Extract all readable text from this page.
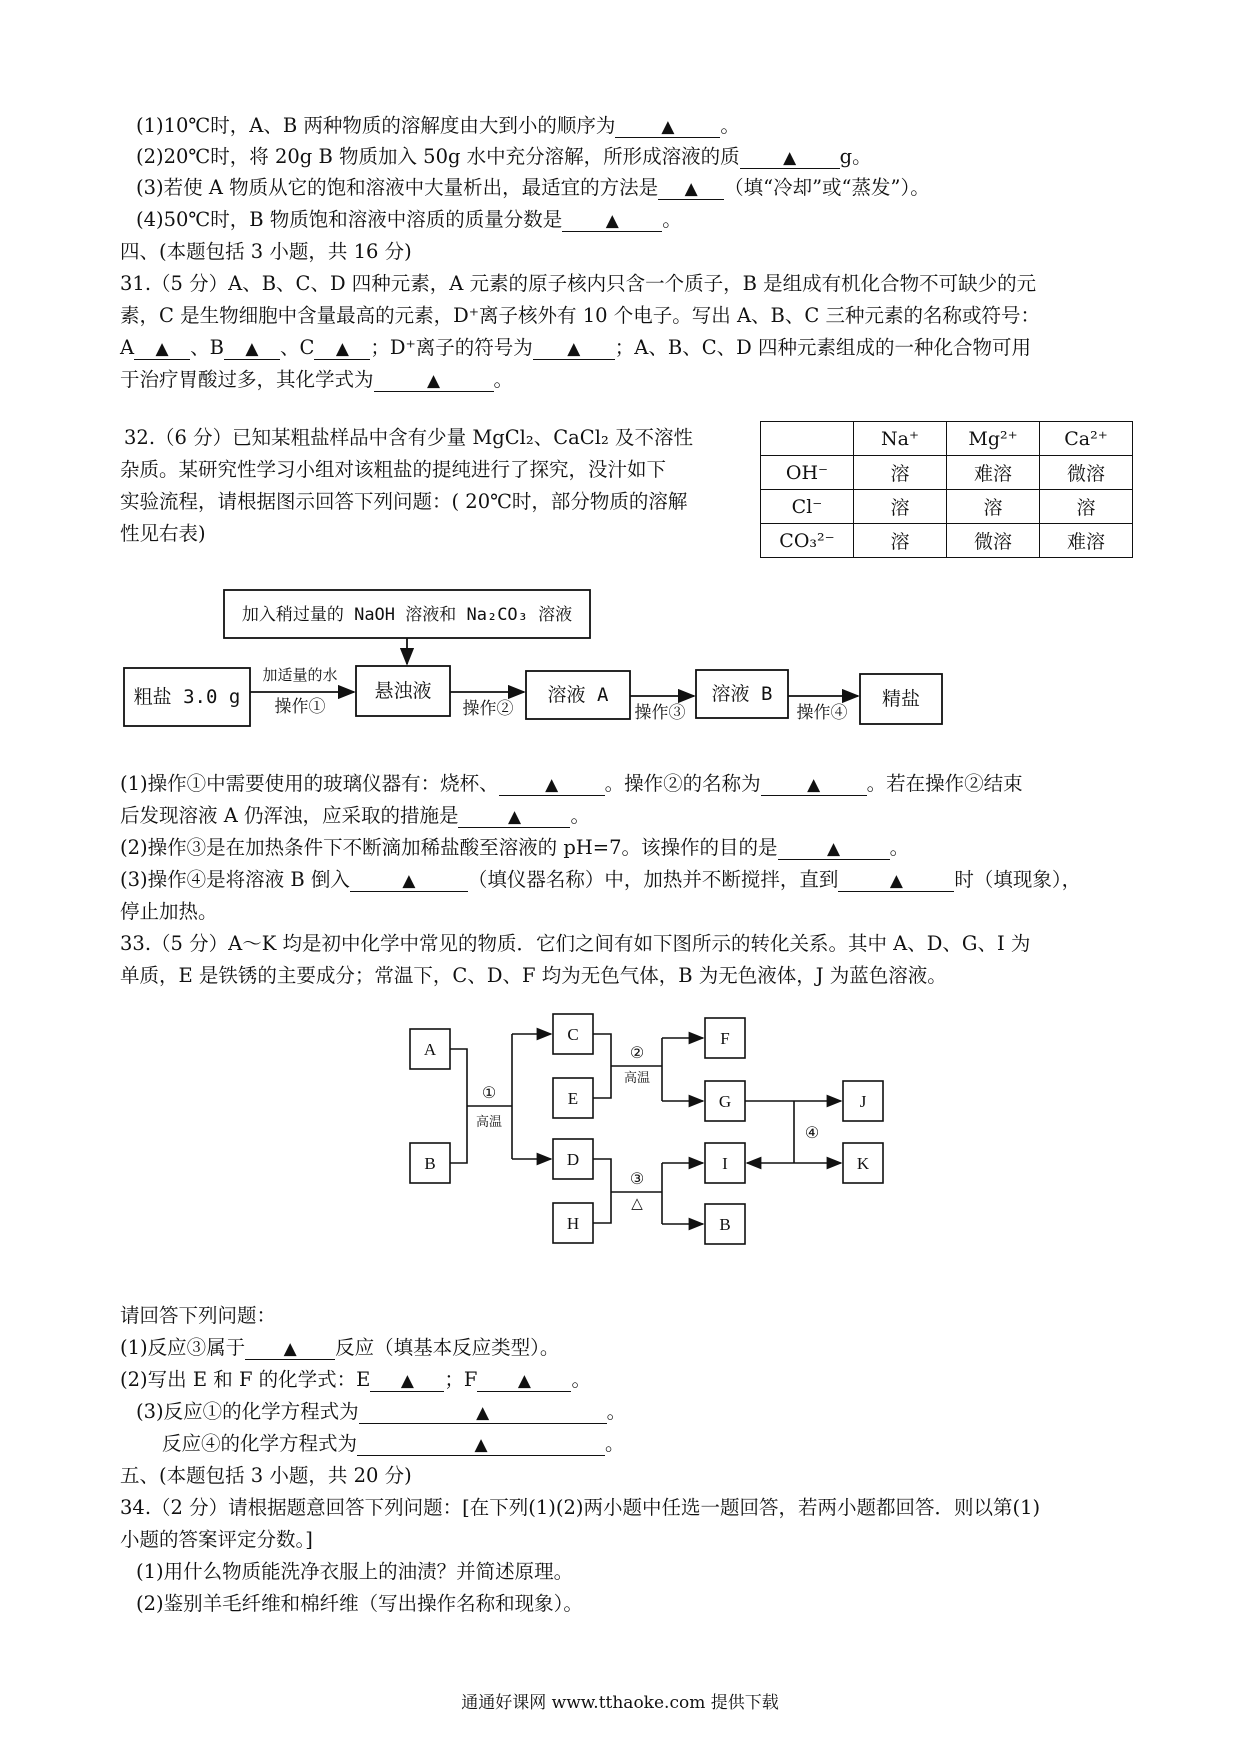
(1)10℃时，A、B 两种物质的溶解度由大到小的顺序为	▲ 。
(2)20℃时，将 20g B 物质加入 50g 水中充分溶解，所形成溶液的质	▲ g。
(3)若使 A 物质从它的饱和溶液中大量析出，最适宜的方法是 ▲ （填“冷却”或“蒸发”）。
(4)50℃时，B 物质饱和溶液中溶质的质量分数是	▲ 。
四、(本题包括 3 小题，共 16 分)
31.（5 分）A、B、C、D 四种元素，A 元素的原子核内只含一个质子，B 是组成有机化合物不可缺少的元
素，C 是生物细胞中含量最高的元素，D⁺离子核外有 10 个电子。写出 A、B、C 三种元素的名称或符号：
A ▲ 、B ▲ 、C ▲ ；D⁺离子的符号为 ▲ ；A、B、C、D 四种元素组成的一种化合物可用
于治疗胃酸过多，其化学式为	▲	。
32.（6 分）已知某粗盐样品中含有少量 MgCl₂、CaCl₂ 及不溶性
杂质。某研究性学习小组对该粗盐的提纯进行了探究，没汁如下
实验流程，请根据图示回答下列问题：( 20℃时，部分物质的溶解
性见右表)
	Na⁺	Mg²⁺	Ca²⁺
OH⁻	溶	难溶	微溶
Cl⁻	溶	溶	溶
CO₃²⁻	溶	微溶	难溶
加入稍过量的 NaOH 溶液和 Na₂CO₃ 溶液
粗盐 3.0 g	悬浊液	溶液 A	溶液 B	精盐
加适量的水
操作①	操作②	操作③	操作④
(1)操作①中需要使用的玻璃仪器有：烧杯、	▲ 。操作②的名称为	▲ 。若在操作②结束
后发现溶液 A 仍浑浊，应采取的措施是	▲	。
(2)操作③是在加热条件下不断滴加稀盐酸至溶液的 pH=7。该操作的目的是	▲	。
(3)操作④是将溶液 B 倒入	▲	（填仪器名称）中，加热并不断搅拌，直到	▲	时（填现象），
停止加热。
33.（5 分）A～K 均是初中化学中常见的物质．它们之间有如下图所示的转化关系。其中 A、D、G、I 为
单质，E 是铁锈的主要成分；常温下，C、D、F 均为无色气体，B 为无色液体，J 为蓝色溶液。
A
B
C
E
D
H
F
G
I
B
J
K
①
高温
②
高温
③
△
④
请回答下列问题：
(1)反应③属于 ▲ 反应（填基本反应类型）。
(2)写出 E 和 F 的化学式：E ▲ ；F ▲ 。
(3)反应①的化学方程式为	▲	。
反应④的化学方程式为	▲	。
五、(本题包括 3 小题，共 20 分)
34.（2 分）请根据题意回答下列问题：[在下列(1)(2)两小题中任选一题回答，若两小题都回答．则以第(1)
小题的答案评定分数。]
(1)用什么物质能洗净衣服上的油渍？并简述原理。
(2)鉴别羊毛纤维和棉纤维（写出操作名称和现象）。
通通好课网 www.tthaoke.com 提供下载
